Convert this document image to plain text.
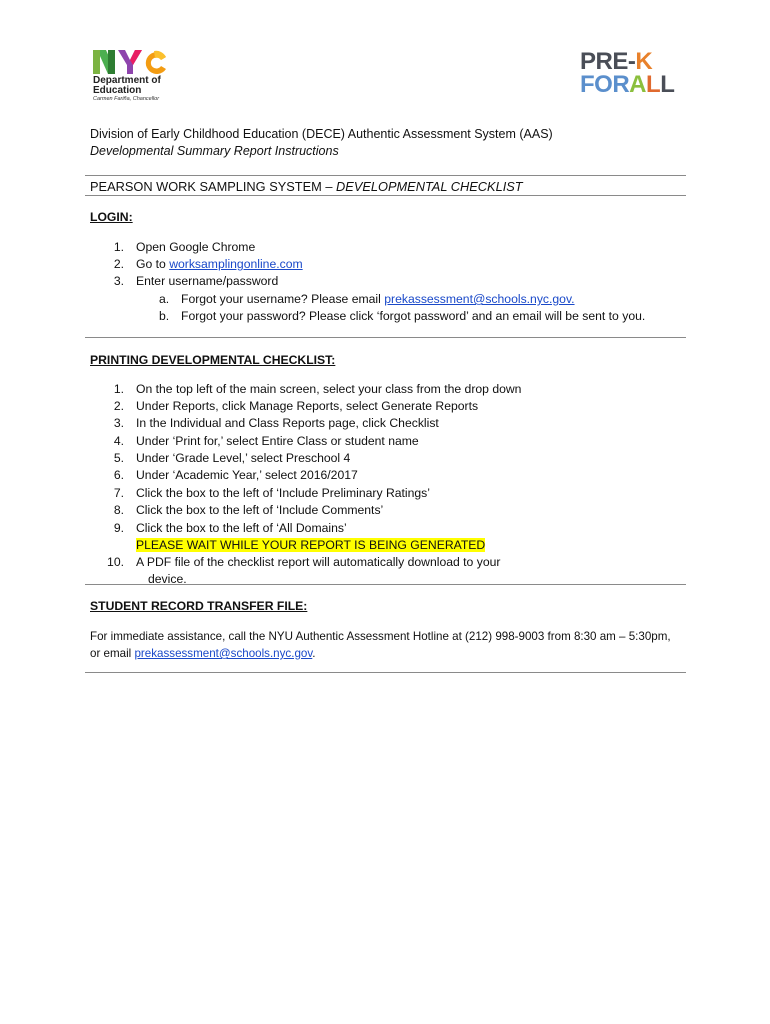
Department of
Education
Carmen Fariña, Chancellor
PRE-K
FORALL
Division of Early Childhood Education (DECE) Authentic Assessment System (AAS)
Developmental Summary Report Instructions
PEARSON WORK SAMPLING SYSTEM – DEVELOPMENTAL CHECKLIST
LOGIN:
1. Open Google Chrome
2. Go to worksamplingonline.com
3. Enter username/password
a. Forgot your username? Please email prekassessment@schools.nyc.gov.
b. Forgot your password? Please click ‘forgot password’ and an email will be sent to you.
PRINTING DEVELOPMENTAL CHECKLIST:
1. On the top left of the main screen, select your class from the drop down
2. Under Reports, click Manage Reports, select Generate Reports
3. In the Individual and Class Reports page, click Checklist
4. Under ‘Print for,’ select Entire Class or student name
5. Under ‘Grade Level,’ select Preschool 4
6. Under ‘Academic Year,’ select 2016/2017
7. Click the box to the left of ‘Include Preliminary Ratings’
8. Click the box to the left of ‘Include Comments’
9. Click the box to the left of ‘All Domains’
PLEASE WAIT WHILE YOUR REPORT IS BEING GENERATED
10. A PDF file of the checklist report will automatically download to your
device.
STUDENT RECORD TRANSFER FILE:
For immediate assistance, call the NYU Authentic Assessment Hotline at (212) 998-9003 from 8:30 am – 5:30pm,
or email prekassessment@schools.nyc.gov.
